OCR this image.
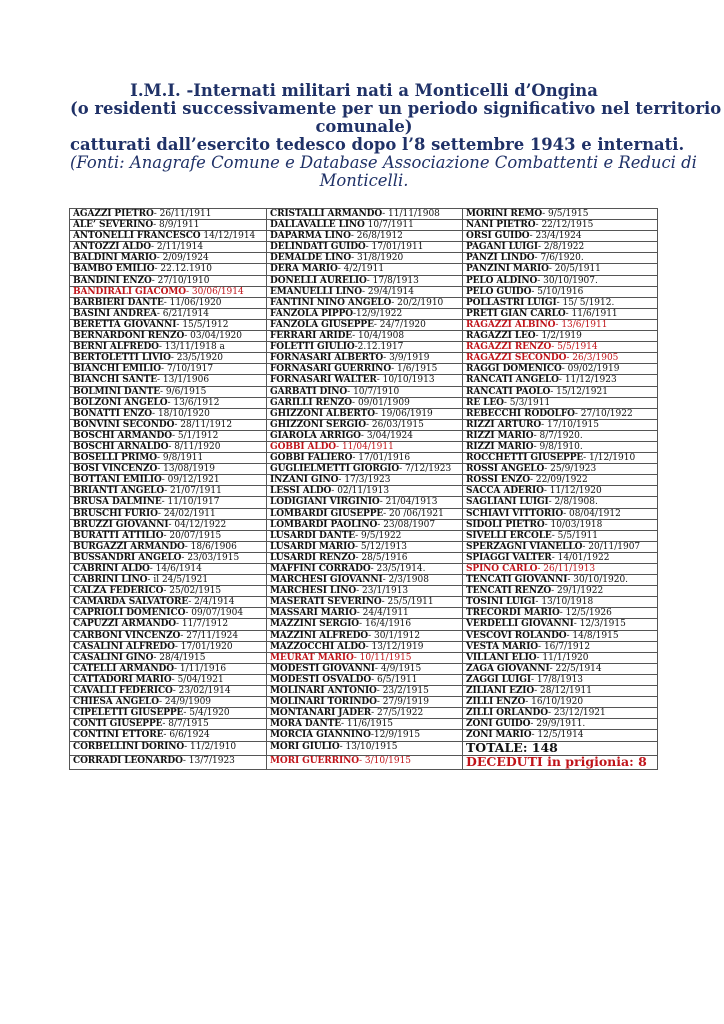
I.M.I. -Internati militari nati a Monticelli d’Ongina

(o residenti successivamente per un periodo significativo nel territorio

comunale)

catturati dall’esercito tedesco dopo l’8 settembre 1943 e internati.

(Fonti: Anagrafe Comune e Database Associazione Combattenti e Reduci di

Monticelli.

AGAZZI PIETRO- 26/11/1911	CRISTALLI ARMANDO- 11/11/1908	MORINI REMO- 9/5/1915
ALE’ SEVERINO- 8/9/1911	DALLAVALLE LINO 10/7/1911	NANI PIETRO- 22/12/1915
ANTONELLI FRANCESCO 14/12/1914	DAPARMA LINO- 26/8/1912	ORSI GUIDO- 23/4/1924
ANTOZZI ALDO- 2/11/1914	DELINDATI GUIDO- 17/01/1911	PAGANI LUIGI- 2/8/1922
BALDINI MARIO- 2/09/1924	DEMALDÈ LINO- 31/8/1920	PANZI LINDO- 7/6/1920.
BAMBO EMILIO- 22.12.1910	DERA MARIO- 4/2/1911	PANZINI MARIO- 20/5/1911
BANDINI ENZO- 27/10/1910	DONELLI AURELIO- 17/8/1913	PELÒ ALDINO- 30/10/1907.
BANDIRALI GIACOMO- 30/06/1914	EMANUELLI LINO- 29/4/1914	PELÒ GUIDO- 5/10/1916
BARBIERI DANTE- 11/06/1920	FANTINI NINO ANGELO- 20/2/1910	POLLASTRI LUIGI- 15/ 5/1912.
BASINI ANDREA- 6/21/1914	FANZOLA PIPPO-12/9/1922	PRETI GIAN CARLO- 11/6/1911
BERETTA GIOVANNI- 15/5/1912	FANZOLA GIUSEPPE- 24/7/1920	RAGAZZI ALBINO- 13/6/1911
BERNARDONI RENZO- 03/04/1920	FERRARI ARIDE- 10/4/1908	RAGAZZI LEO- 1/2/1919
BERNI ALFREDO- 13/11/1918 a	FOLETTI GIULIO-2.12.1917	RAGAZZI RENZO- 5/5/1914
BERTOLETTI LIVIO- 23/5/1920	FORNASARI ALBERTO- 3/9/1919	RAGAZZI SECONDO- 26/3/1905
BIANCHI EMILIO- 7/10/1917	FORNASARI GUERRINO- 1/6/1915	RAGGI DOMENICO- 09/02/1919
BIANCHI SANTE- 13/1/1906	FORNASARI WALTER- 10/10/1913	RANCATI ANGELO- 11/12/1923
BOLMINI DANTE- 9/6/1915	GARBATI DINO- 10/7/1910	RANCATI PAOLO- 15/12/1921
BOLZONI ANGELO- 13/6/1912	GARILLI RENZO- 09/01/1909	RE LEO- 5/3/1911
BONATTI ENZO- 18/10/1920	GHIZZONI ALBERTO- 19/06/1919	REBECCHI RODOLFO- 27/10/1922
BONVINI SECONDO- 28/11/1912	GHIZZONI SERGIO- 26/03/1915	RIZZI ARTURO- 17/10/1915
BOSCHI ARMANDO- 5/1/1912	GIAROLA ARRIGO- 3/04/1924	RIZZI MARIO- 8/7/1920.
BOSCHI ARNALDO- 8/11/1920	GOBBI ALDO- 11/04/1911	RIZZI MARIO- 9/8/1910.
BOSELLI PRIMO- 9/8/1911	GOBBI FALIERO- 17/01/1916	ROCCHETTI GIUSEPPE- 1/12/1910
BOSI VINCENZO- 13/08/1919	GUGLIELMETTI GIORGIO- 7/12/1923	ROSSI ANGELO- 25/9/1923
BOTTANI EMILIO- 09/12/1921	INZANI GINO- 17/3/1923	ROSSI ENZO- 22/09/1922
BRIANTI ANGELO- 21/07/1911	LESSI ALDO- 02/11/1913	SACCA ADERIO- 11/12/1920
BRUSA DALMINE- 11/10/1917	LODIGIANI VIRGINIO- 21/04/1913	SAGLIANI LUIGI- 2/8/1908.
BRUSCHI FURIO- 24/02/1911	LOMBARDI GIUSEPPE- 20 /06/1921	SCHIAVI VITTORIO- 08/04/1912
BRUZZI GIOVANNI- 04/12/1922	LOMBARDI PAOLINO- 23/08/1907	SIDOLI PIETRO- 10/03/1918
BURATTI ATTILIO- 20/07/1915	LUSARDI DANTE- 9/5/1922	SIVELLI ERCOLE- 5/5/1911
BURGAZZI ARMANDO- 18/6/1906	LUSARDI MARIO- 5/12/1913	SPERZAGNI VIANELLO- 20/11/1907
BUSSANDRI ANGELO- 23/03/1915	LUSARDI RENZO- 28/5/1916	SPIAGGI VALTER- 14/01/1922
CABRINI ALDO- 14/6/1914	MAFFINI CORRADO- 23/5/1914.	SPINO CARLO- 26/11/1913
CABRINI LINO- il 24/5/1921	MARCHESI GIOVANNI- 2/3/1908	TENCATI GIOVANNI- 30/10/1920.
CALZA FEDERICO- 25/02/1915	MARCHESI LINO- 23/1/1913	TENCATI RENZO- 29/1/1922
CAMARDA SALVATORE- 2/4/1914	MASERATI SEVERINO- 25/5/1911	TOSINI LUIGI- 13/10/1918
CAPRIOLI DOMENICO- 09/07/1904	MASSARI MARIO- 24/4/1911	TRECORDI MARIO- 12/5/1926
CAPUZZI ARMANDO- 11/7/1912	MAZZINI SERGIO- 16/4/1916	VERDELLI GIOVANNI- 12/3/1915
CARBONI VINCENZO- 27/11/1924	MAZZINI ALFREDO- 30/1/1912	VESCOVI ROLANDO- 14/8/1915
CASALINI ALFREDO- 17/01/1920	MAZZOCCHI ALDO- 13/12/1919	VESTA MARIO- 16/7/1912
CASALINI GINO- 28/4/1915	MEURAT MARIO- 10/11/1915	VILLANI ELIO- 11/1/1920
CATELLI ARMANDO- 1/11/1916	MODESTI GIOVANNI- 4/9/1915	ZAGA GIOVANNI- 22/5/1914
CATTADORI MARIO- 5/04/1921	MODESTI OSVALDO- 6/5/1911	ZAGGI LUIGI- 17/8/1913
CAVALLI FEDERICO- 23/02/1914	MOLINARI ANTONIO- 23/2/1915	ZILIANI EZIO- 28/12/1911
CHIESA ANGELO- 24/9/1909	MOLINARI TORINDO- 27/9/1919	ZILLI ENZO- 16/10/1920
CIPELETTI GIUSEPPE- 5/4/1920	MONTANARI JADER- 27/5/1922	ZILLI ORLANDO- 23/12/1921
CONTI GIUSEPPE- 8/7/1915	MORA DANTE- 11/6/1915	ZONI GUIDO- 29/9/1911.
CONTINI ETTORE- 6/6/1924	MORCIA GIANNINO-12/9/1915	ZONI MARIO- 12/5/1914
CORBELLINI DORINO- 11/2/1910	MORI GIULIO- 13/10/1915	TOTALE: 148
CORRADI LEONARDO- 13/7/1923	MORI GUERRINO- 3/10/1915	DECEDUTI in prigionia: 8
